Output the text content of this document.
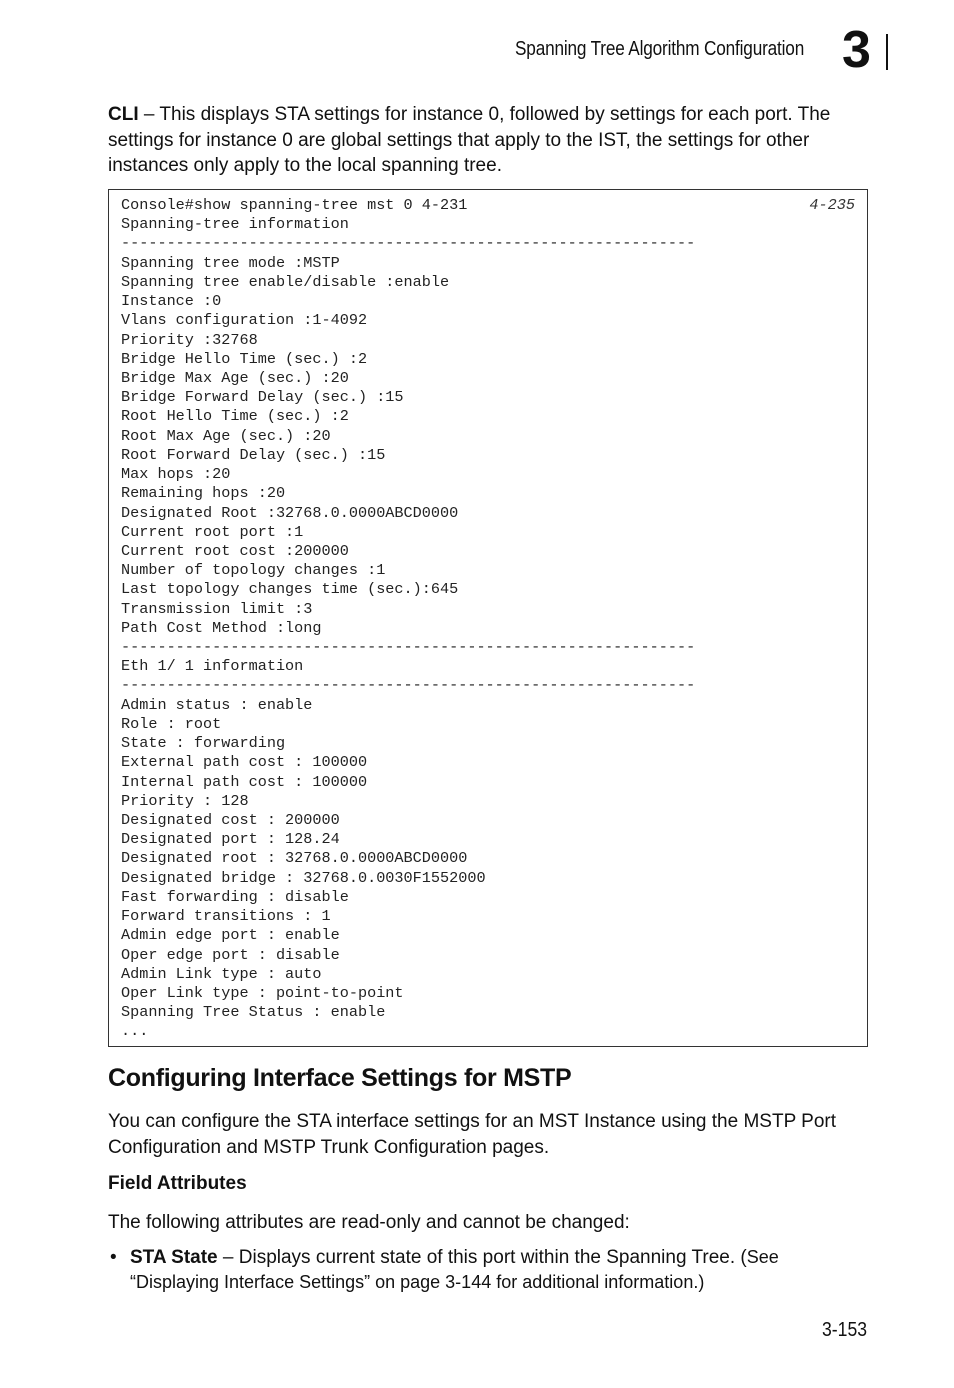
Spanning Tree Algorithm Configuration 3

CLI – This displays STA settings for instance 0, followed by settings for each port. The settings for instance 0 are global settings that apply to the IST, the settings for other instances only apply to the local spanning tree.

4-235
Console#show spanning-tree mst 0 4-231
Spanning-tree information
---------------------------------------------------------------
Spanning tree mode :MSTP
Spanning tree enable/disable :enable
Instance :0
Vlans configuration :1-4092
Priority :32768
Bridge Hello Time (sec.) :2
Bridge Max Age (sec.) :20
Bridge Forward Delay (sec.) :15
Root Hello Time (sec.) :2
Root Max Age (sec.) :20
Root Forward Delay (sec.) :15
Max hops :20
Remaining hops :20
Designated Root :32768.0.0000ABCD0000
Current root port :1
Current root cost :200000
Number of topology changes :1
Last topology changes time (sec.):645
Transmission limit :3
Path Cost Method :long
---------------------------------------------------------------
Eth 1/ 1 information
---------------------------------------------------------------
Admin status : enable
Role : root
State : forwarding
External path cost : 100000
Internal path cost : 100000
Priority : 128
Designated cost : 200000
Designated port : 128.24
Designated root : 32768.0.0000ABCD0000
Designated bridge : 32768.0.0030F1552000
Fast forwarding : disable
Forward transitions : 1
Admin edge port : enable
Oper edge port : disable
Admin Link type : auto
Oper Link type : point-to-point
Spanning Tree Status : enable
...
Configuring Interface Settings for MSTP

You can configure the STA interface settings for an MST Instance using the MSTP Port Configuration and MSTP Trunk Configuration pages.

Field Attributes

The following attributes are read-only and cannot be changed:

• STA State – Displays current state of this port within the Spanning Tree. (See “Displaying Interface Settings” on page 3-144 for additional information.)
3-153
